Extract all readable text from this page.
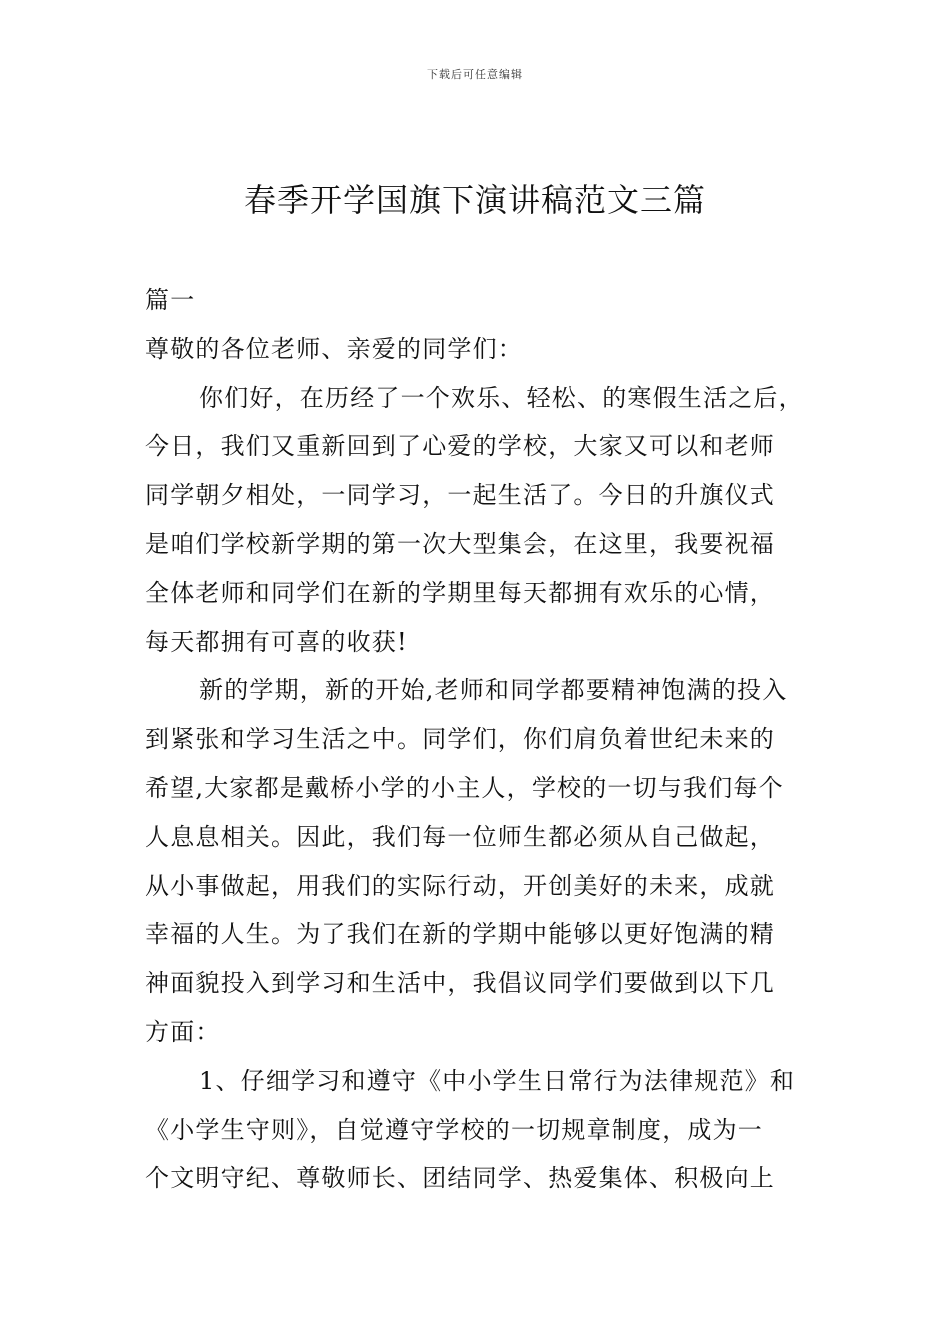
下载后可任意编辑
春季开学国旗下演讲稿范文三篇
篇一
尊敬的各位老师、亲爱的同学们：
你们好，在历经了一个欢乐、轻松、的寒假生活之后，
今日，我们又重新回到了心爱的学校，大家又可以和老师
同学朝夕相处，一同学习，一起生活了。今日的升旗仪式
是咱们学校新学期的第一次大型集会，在这里，我要祝福
全体老师和同学们在新的学期里每天都拥有欢乐的心情，
每天都拥有可喜的收获!
新的学期，新的开始,老师和同学都要精神饱满的投入
到紧张和学习生活之中。同学们，你们肩负着世纪未来的
希望,大家都是戴桥小学的小主人，学校的一切与我们每个
人息息相关。因此，我们每一位师生都必须从自己做起，
从小事做起，用我们的实际行动，开创美好的未来，成就
幸福的人生。为了我们在新的学期中能够以更好饱满的精
神面貌投入到学习和生活中，我倡议同学们要做到以下几
方面：
1、仔细学习和遵守《中小学生日常行为法律规范》和
《小学生守则》，自觉遵守学校的一切规章制度，成为一
个文明守纪、尊敬师长、团结同学、热爱集体、积极向上
